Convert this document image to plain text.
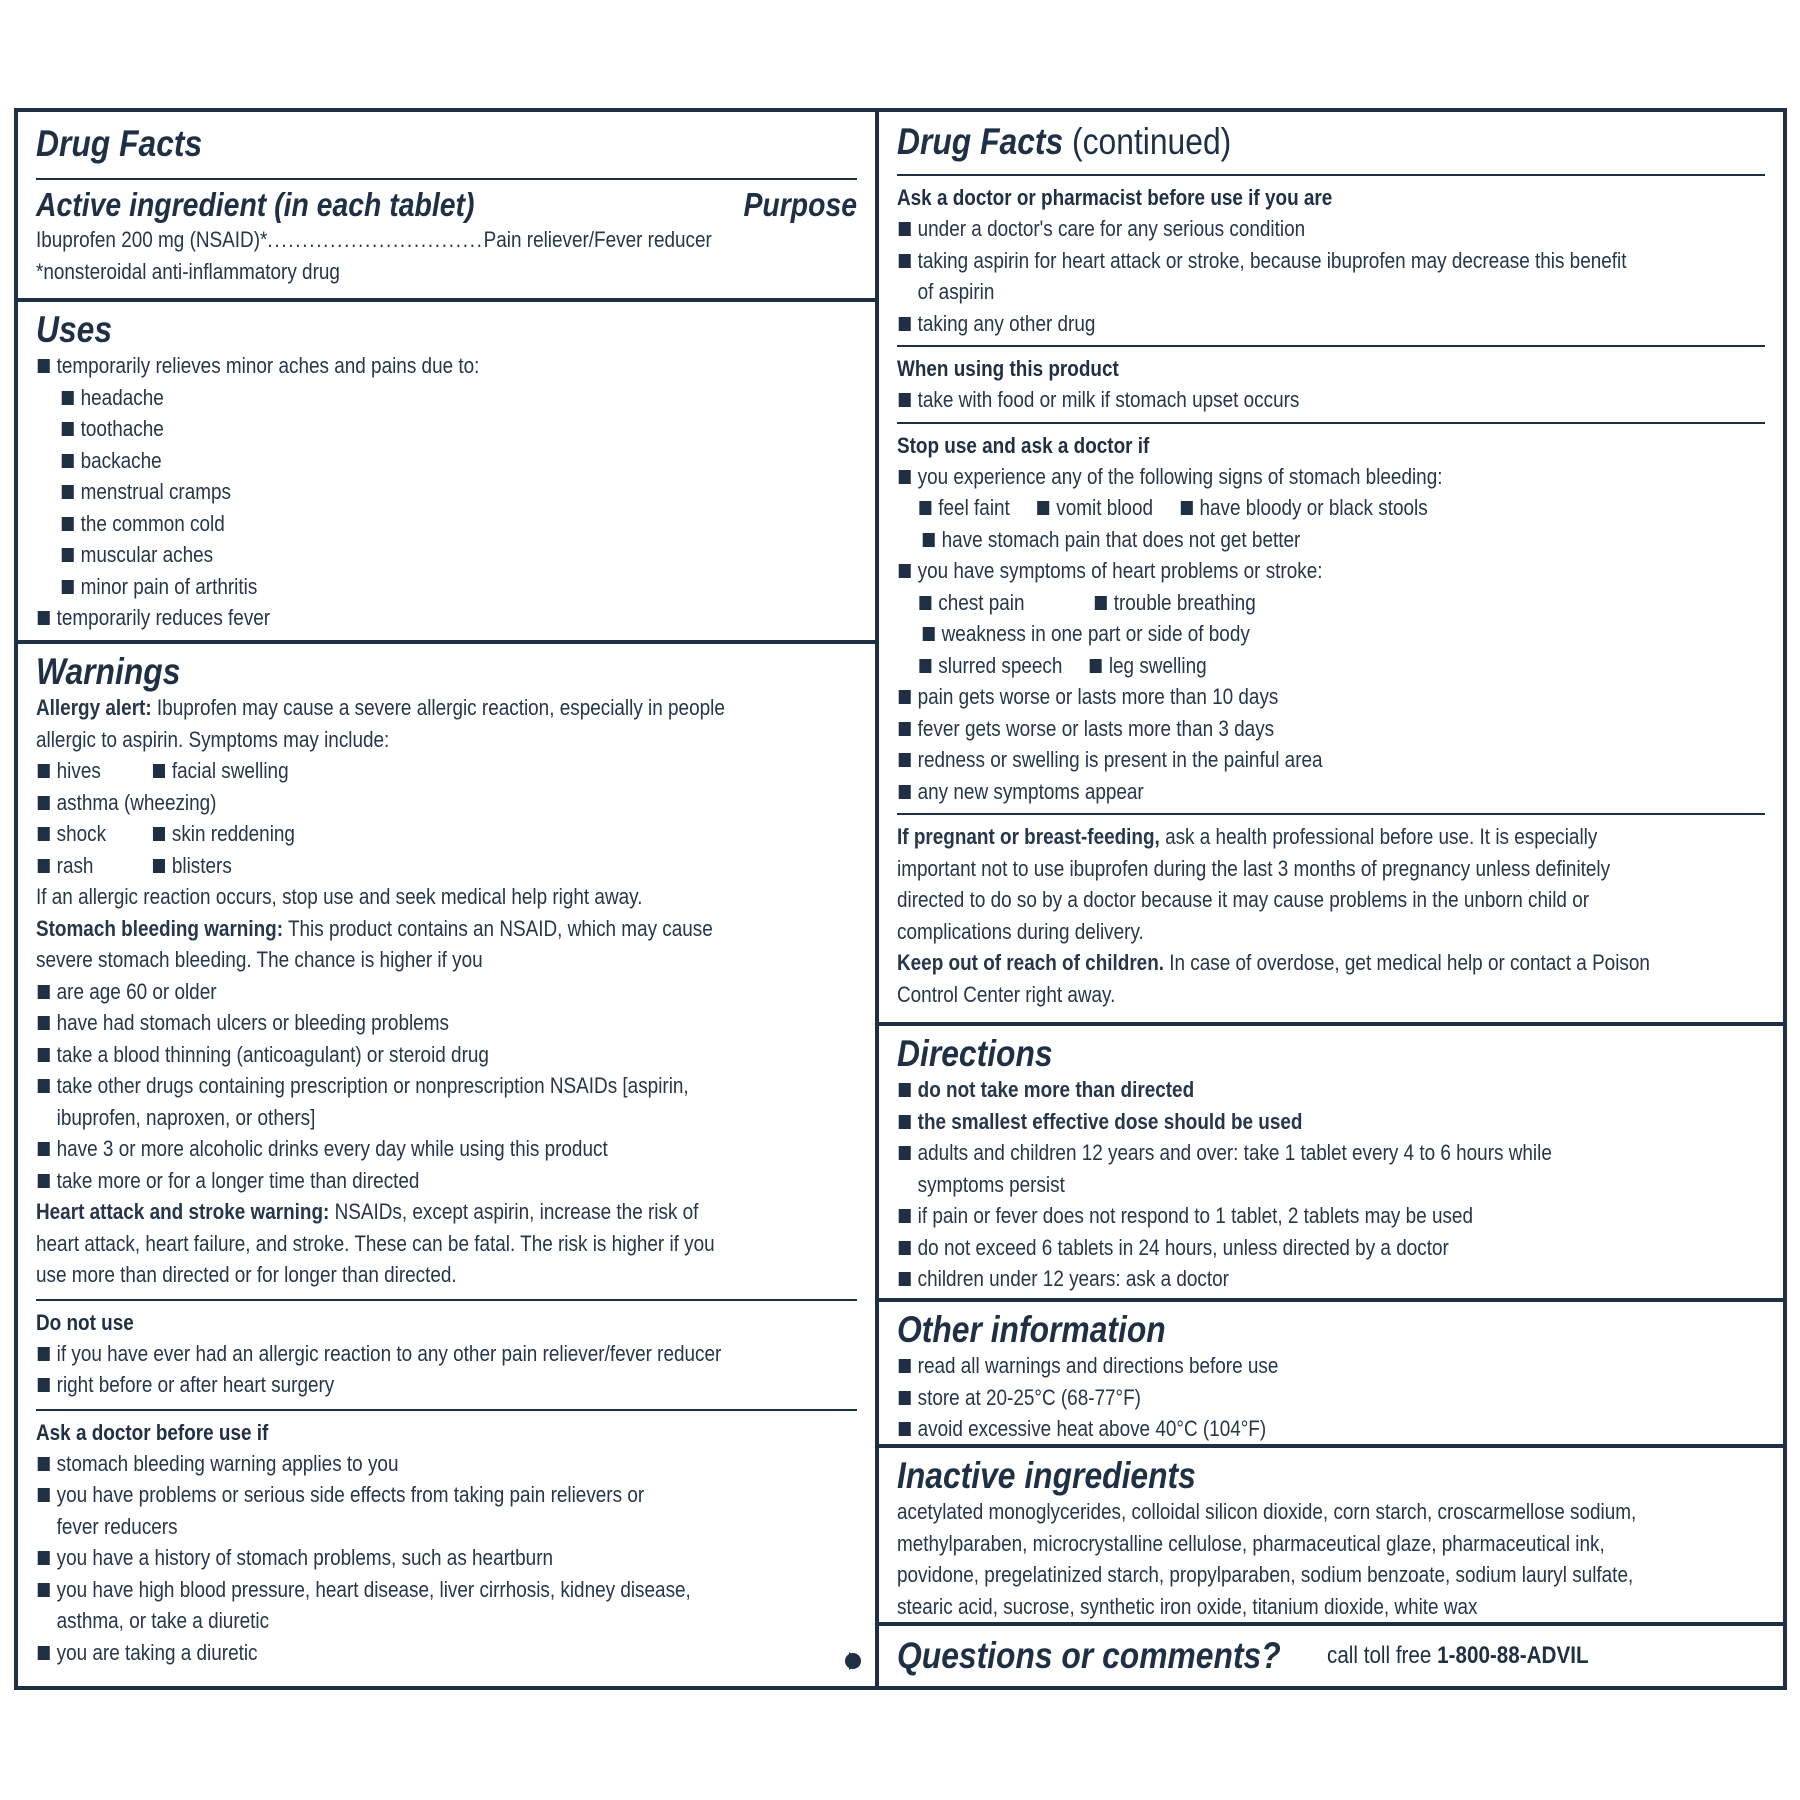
Drug Facts
Active ingredient (in each tablet)	Purpose
Ibuprofen 200 mg (NSAID)*...............................Pain reliever/Fever reducer
*nonsteroidal anti-inflammatory drug
Uses
temporarily relieves minor aches and pains due to:
headache
toothache
backache
menstrual cramps
the common cold
muscular aches
minor pain of arthritis
temporarily reduces fever
Warnings
Allergy alert: Ibuprofen may cause a severe allergic reaction, especially in people
allergic to aspirin. Symptoms may include:
hives	facial swelling
asthma (wheezing)
shock	skin reddening
rash	blisters
If an allergic reaction occurs, stop use and seek medical help right away.
Stomach bleeding warning: This product contains an NSAID, which may cause
severe stomach bleeding. The chance is higher if you
are age 60 or older
have had stomach ulcers or bleeding problems
take a blood thinning (anticoagulant) or steroid drug
take other drugs containing prescription or nonprescription NSAIDs [aspirin,
ibuprofen, naproxen, or others]
have 3 or more alcoholic drinks every day while using this product
take more or for a longer time than directed
Heart attack and stroke warning: NSAIDs, except aspirin, increase the risk of
heart attack, heart failure, and stroke. These can be fatal. The risk is higher if you
use more than directed or for longer than directed.
Do not use
if you have ever had an allergic reaction to any other pain reliever/fever reducer
right before or after heart surgery
Ask a doctor before use if
stomach bleeding warning applies to you
you have problems or serious side effects from taking pain relievers or
fever reducers
you have a history of stomach problems, such as heartburn
you have high blood pressure, heart disease, liver cirrhosis, kidney disease,
asthma, or take a diuretic
you are taking a diuretic
Drug Facts (continued)
Ask a doctor or pharmacist before use if you are
under a doctor's care for any serious condition
taking aspirin for heart attack or stroke, because ibuprofen may decrease this benefit
of aspirin
taking any other drug
When using this product
take with food or milk if stomach upset occurs
Stop use and ask a doctor if
you experience any of the following signs of stomach bleeding:
feel faint vomit blood have bloody or black stools
have stomach pain that does not get better
you have symptoms of heart problems or stroke:
chest pain	trouble breathing
weakness in one part or side of body
slurred speech leg swelling
pain gets worse or lasts more than 10 days
fever gets worse or lasts more than 3 days
redness or swelling is present in the painful area
any new symptoms appear
If pregnant or breast-feeding, ask a health professional before use. It is especially
important not to use ibuprofen during the last 3 months of pregnancy unless definitely
directed to do so by a doctor because it may cause problems in the unborn child or
complications during delivery.
Keep out of reach of children. In case of overdose, get medical help or contact a Poison
Control Center right away.
Directions
do not take more than directed
the smallest effective dose should be used
adults and children 12 years and over: take 1 tablet every 4 to 6 hours while
symptoms persist
if pain or fever does not respond to 1 tablet, 2 tablets may be used
do not exceed 6 tablets in 24 hours, unless directed by a doctor
children under 12 years: ask a doctor
Other information
read all warnings and directions before use
store at 20-25°C (68-77°F)
avoid excessive heat above 40°C (104°F)
Inactive ingredients
acetylated monoglycerides, colloidal silicon dioxide, corn starch, croscarmellose sodium,
methylparaben, microcrystalline cellulose, pharmaceutical glaze, pharmaceutical ink,
povidone, pregelatinized starch, propylparaben, sodium benzoate, sodium lauryl sulfate,
stearic acid, sucrose, synthetic iron oxide, titanium dioxide, white wax
Questions or comments? call toll free 1-800-88-ADVIL
